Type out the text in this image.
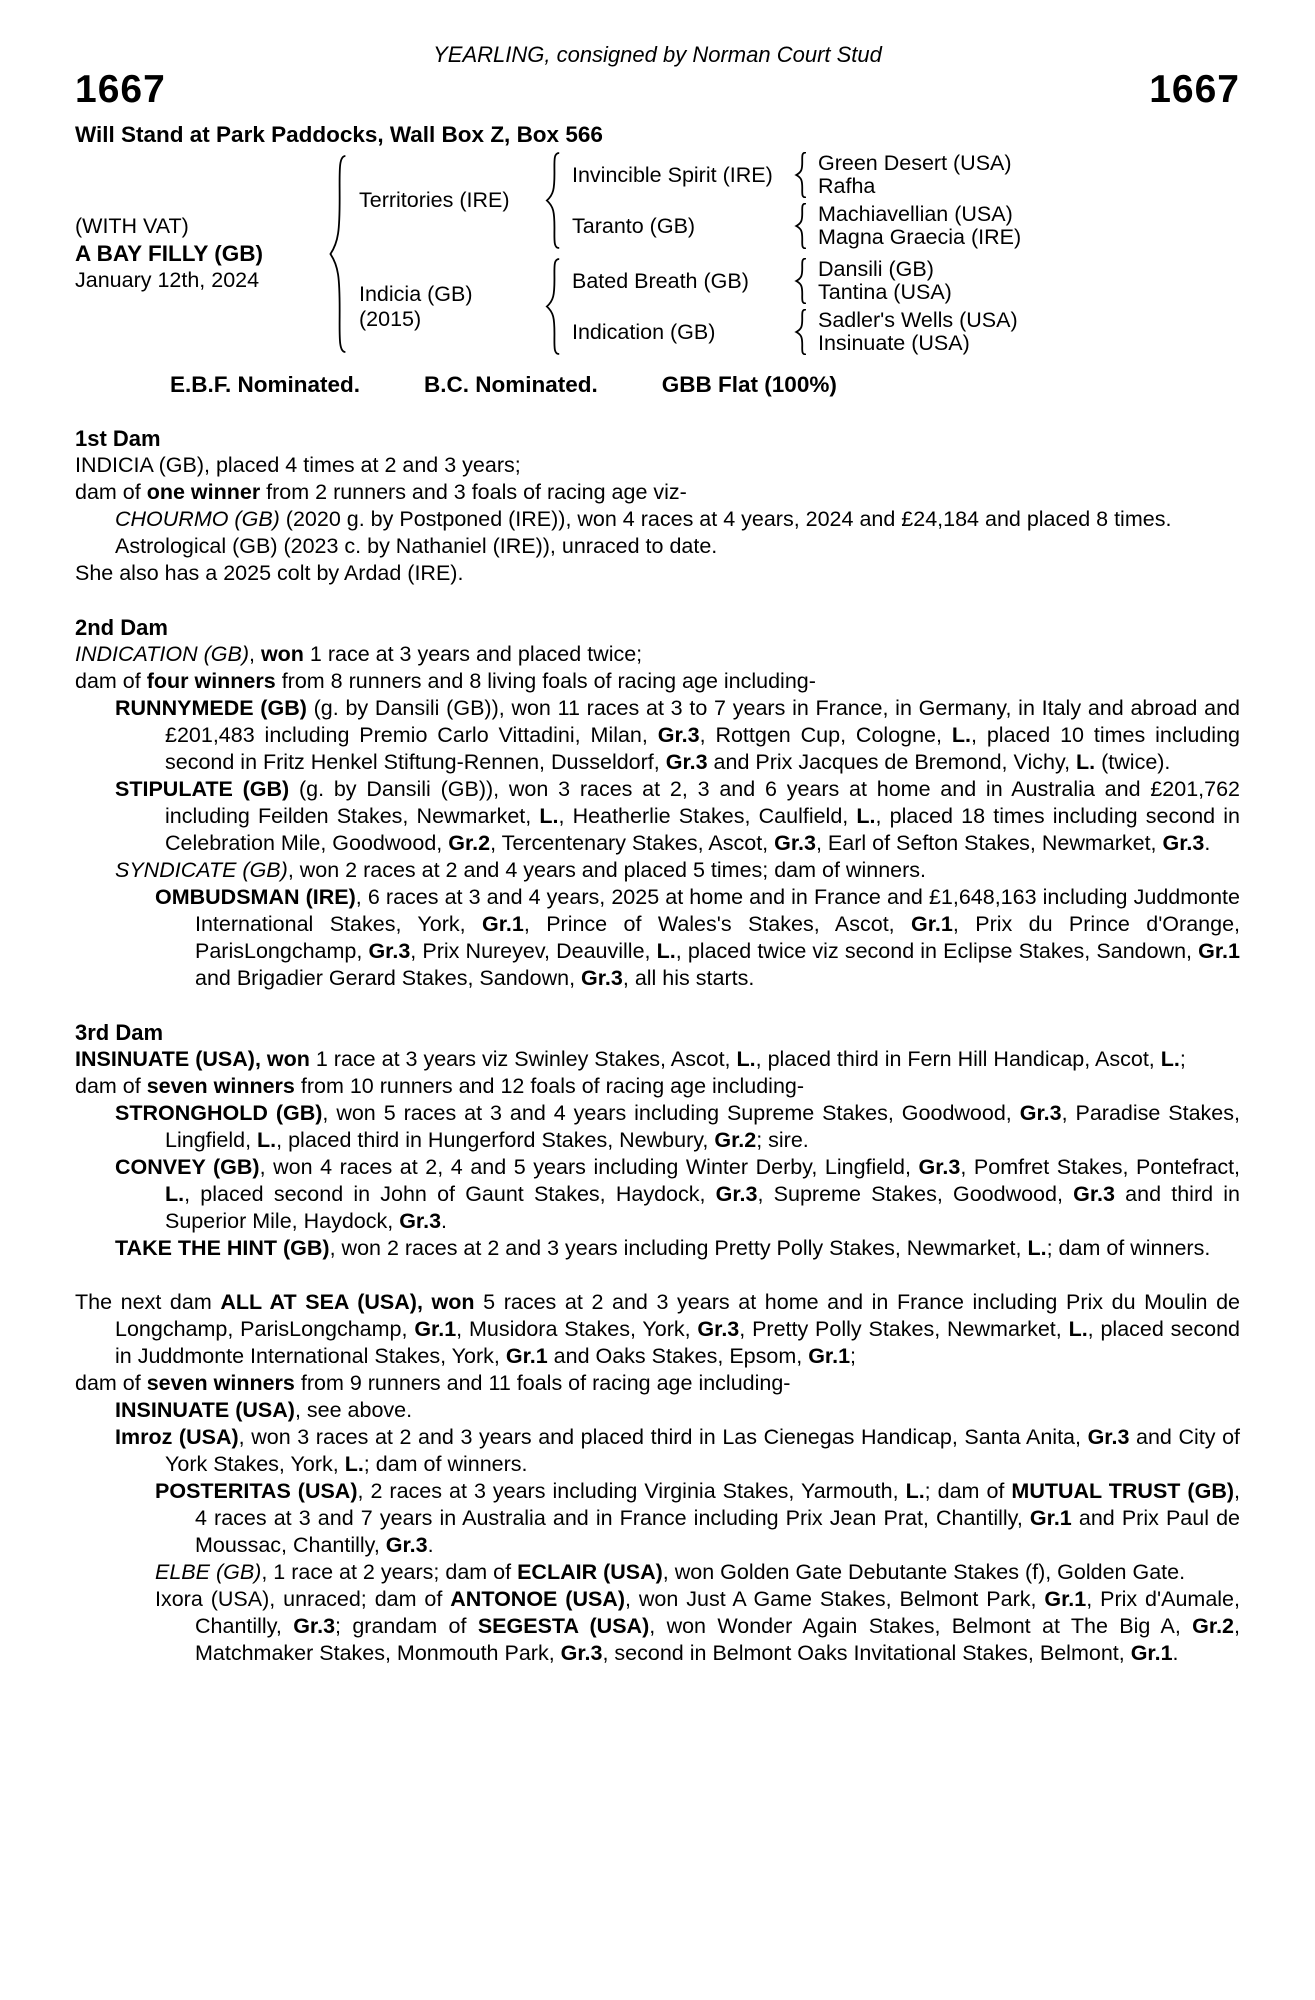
YEARLING, consigned by Norman Court Stud
1667	1667
Will Stand at Park Paddocks, Wall Box Z, Box 566
(WITH VAT)
A BAY FILLY (GB)
January 12th, 2024
Territories (IRE)
Invincible Spirit (IRE)	Green Desert (USA)
Rafha
Taranto (GB)	Machiavellian (USA)
Magna Graecia (IRE)
Indicia (GB)
(2015)
Bated Breath (GB)	Dansili (GB)
Tantina (USA)
Indication (GB)	Sadler's Wells (USA)
Insinuate (USA)
E.B.F. Nominated.	B.C. Nominated.	GBB Flat (100%)
1st Dam

INDICIA (GB), placed 4 times at 2 and 3 years;

dam of one winner from 2 runners and 3 foals of racing age viz-

CHOURMO (GB) (2020 g. by Postponed (IRE)), won 4 races at 4 years, 2024 and £24,184 and placed 8 times.

Astrological (GB) (2023 c. by Nathaniel (IRE)), unraced to date.

She also has a 2025 colt by Ardad (IRE).

2nd Dam

INDICATION (GB), won 1 race at 3 years and placed twice;

dam of four winners from 8 runners and 8 living foals of racing age including-

RUNNYMEDE (GB) (g. by Dansili (GB)), won 11 races at 3 to 7 years in France, in Germany, in Italy and abroad and £201,483 including Premio Carlo Vittadini, Milan, Gr.3, Rottgen Cup, Cologne, L., placed 10 times including second in Fritz Henkel Stiftung-Rennen, Dusseldorf, Gr.3 and Prix Jacques de Bremond, Vichy, L. (twice).

STIPULATE (GB) (g. by Dansili (GB)), won 3 races at 2, 3 and 6 years at home and in Australia and £201,762 including Feilden Stakes, Newmarket, L., Heatherlie Stakes, Caulfield, L., placed 18 times including second in Celebration Mile, Goodwood, Gr.2, Tercentenary Stakes, Ascot, Gr.3, Earl of Sefton Stakes, Newmarket, Gr.3.

SYNDICATE (GB), won 2 races at 2 and 4 years and placed 5 times; dam of winners.

OMBUDSMAN (IRE), 6 races at 3 and 4 years, 2025 at home and in France and £1,648,163 including Juddmonte International Stakes, York, Gr.1, Prince of Wales's Stakes, Ascot, Gr.1, Prix du Prince d'Orange, ParisLongchamp, Gr.3, Prix Nureyev, Deauville, L., placed twice viz second in Eclipse Stakes, Sandown, Gr.1 and Brigadier Gerard Stakes, Sandown, Gr.3, all his starts.

3rd Dam

INSINUATE (USA), won 1 race at 3 years viz Swinley Stakes, Ascot, L., placed third in Fern Hill Handicap, Ascot, L.;

dam of seven winners from 10 runners and 12 foals of racing age including-

STRONGHOLD (GB), won 5 races at 3 and 4 years including Supreme Stakes, Goodwood, Gr.3, Paradise Stakes, Lingfield, L., placed third in Hungerford Stakes, Newbury, Gr.2; sire.

CONVEY (GB), won 4 races at 2, 4 and 5 years including Winter Derby, Lingfield, Gr.3, Pomfret Stakes, Pontefract, L., placed second in John of Gaunt Stakes, Haydock, Gr.3, Supreme Stakes, Goodwood, Gr.3 and third in Superior Mile, Haydock, Gr.3.

TAKE THE HINT (GB), won 2 races at 2 and 3 years including Pretty Polly Stakes, Newmarket, L.; dam of winners.

The next dam ALL AT SEA (USA), won 5 races at 2 and 3 years at home and in France including Prix du Moulin de Longchamp, ParisLongchamp, Gr.1, Musidora Stakes, York, Gr.3, Pretty Polly Stakes, Newmarket, L., placed second in Juddmonte International Stakes, York, Gr.1 and Oaks Stakes, Epsom, Gr.1;

dam of seven winners from 9 runners and 11 foals of racing age including-

INSINUATE (USA), see above.

Imroz (USA), won 3 races at 2 and 3 years and placed third in Las Cienegas Handicap, Santa Anita, Gr.3 and City of York Stakes, York, L.; dam of winners.

POSTERITAS (USA), 2 races at 3 years including Virginia Stakes, Yarmouth, L.; dam of MUTUAL TRUST (GB), 4 races at 3 and 7 years in Australia and in France including Prix Jean Prat, Chantilly, Gr.1 and Prix Paul de Moussac, Chantilly, Gr.3.

ELBE (GB), 1 race at 2 years; dam of ECLAIR (USA), won Golden Gate Debutante Stakes (f), Golden Gate.

Ixora (USA), unraced; dam of ANTONOE (USA), won Just A Game Stakes, Belmont Park, Gr.1, Prix d'Aumale, Chantilly, Gr.3; grandam of SEGESTA (USA), won Wonder Again Stakes, Belmont at The Big A, Gr.2, Matchmaker Stakes, Monmouth Park, Gr.3, second in Belmont Oaks Invitational Stakes, Belmont, Gr.1.
